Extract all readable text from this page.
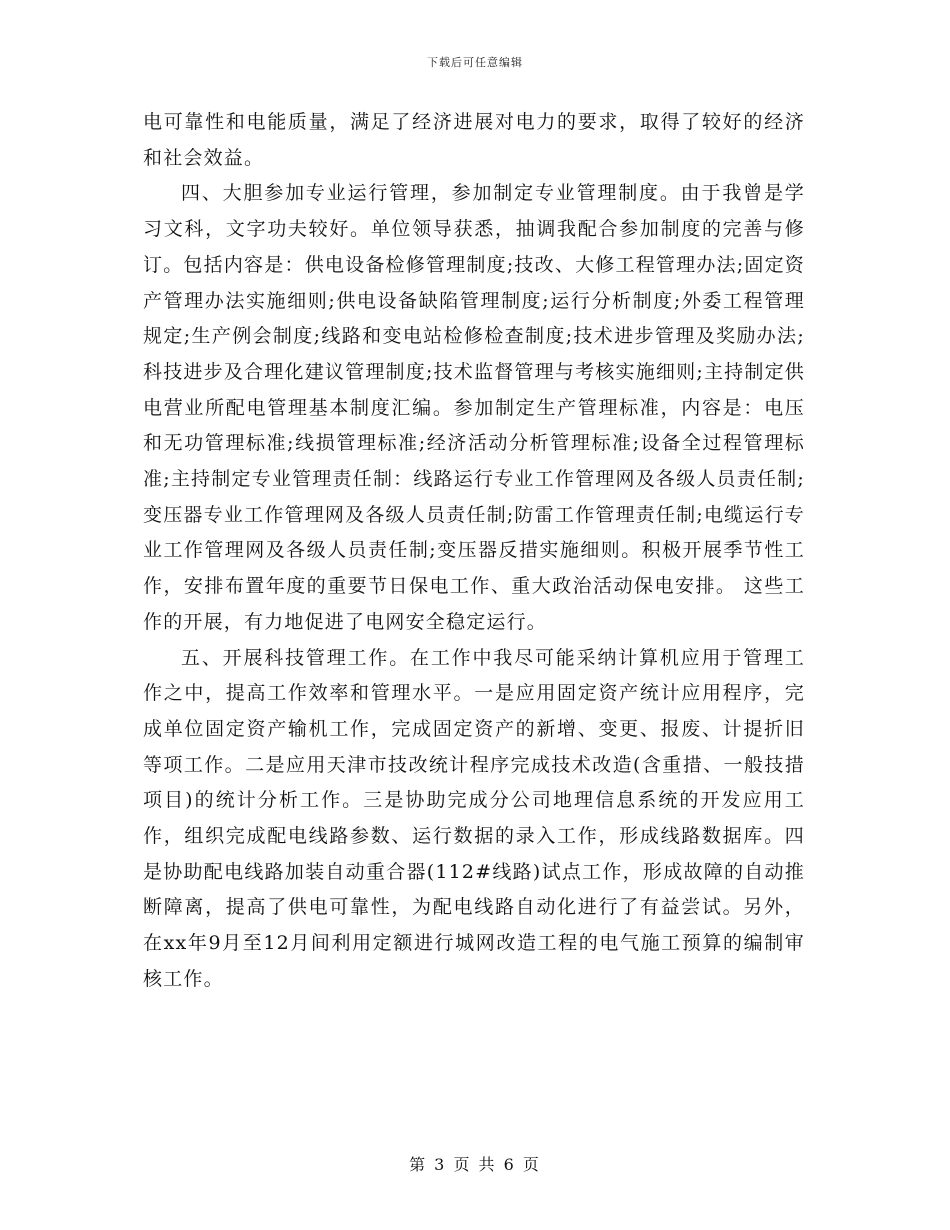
下载后可任意编辑

电可靠性和电能质量，满足了经济进展对电力的要求，取得了较好的经济和社会效益。

四、大胆参加专业运行管理，参加制定专业管理制度。由于我曾是学习文科，文字功夫较好。单位领导获悉，抽调我配合参加制度的完善与修订。包括内容是：供电设备检修管理制度;技改、大修工程管理办法;固定资产管理办法实施细则;供电设备缺陷管理制度;运行分析制度;外委工程管理规定;生产例会制度;线路和变电站检修检查制度;技术进步管理及奖励办法;科技进步及合理化建议管理制度;技术监督管理与考核实施细则;主持制定供电营业所配电管理基本制度汇编。参加制定生产管理标准，内容是：电压和无功管理标准;线损管理标准;经济活动分析管理标准;设备全过程管理标准;主持制定专业管理责任制：线路运行专业工作管理网及各级人员责任制;变压器专业工作管理网及各级人员责任制;防雷工作管理责任制;电缆运行专业工作管理网及各级人员责任制;变压器反措实施细则。积极开展季节性工作，安排布置年度的重要节日保电工作、重大政治活动保电安排。 这些工作的开展，有力地促进了电网安全稳定运行。

五、开展科技管理工作。在工作中我尽可能采纳计算机应用于管理工作之中，提高工作效率和管理水平。一是应用固定资产统计应用程序，完成单位固定资产输机工作，完成固定资产的新增、变更、报废、计提折旧等项工作。二是应用天津市技改统计程序完成技术改造(含重措、一般技措项目)的统计分析工作。三是协助完成分公司地理信息系统的开发应用工作，组织完成配电线路参数、运行数据的录入工作，形成线路数据库。四是协助配电线路加装自动重合器(112#线路)试点工作，形成故障的自动推断障离，提高了供电可靠性，为配电线路自动化进行了有益尝试。另外，在xx年9月至12月间利用定额进行城网改造工程的电气施工预算的编制审核工作。

第 3 页 共 6 页
